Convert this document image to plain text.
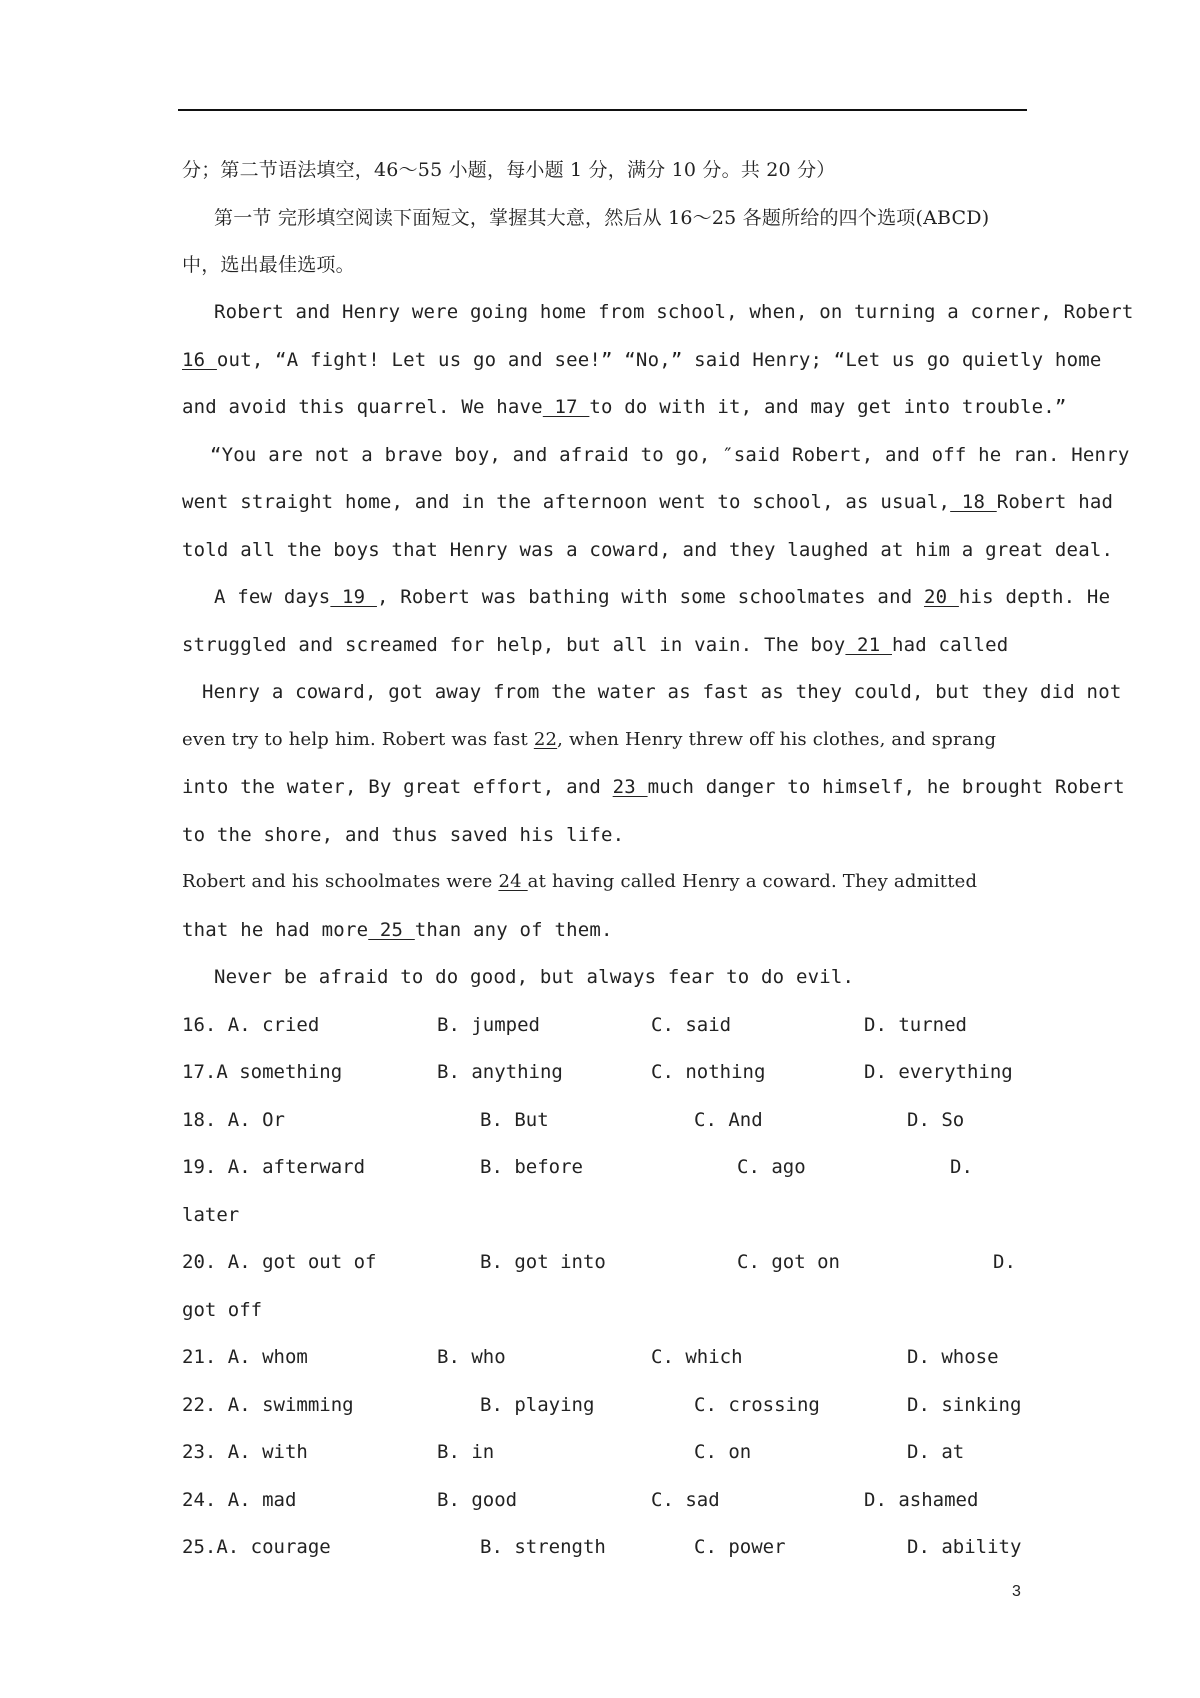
分；第二节语法填空，46～55 小题，每小题 1 分，满分 10 分。共 20 分）
第一节 完形填空阅读下面短文，掌握其大意，然后从 16～25 各题所给的四个选项(ABCD)
中，选出最佳选项。
Robert and Henry were going home from school, when, on turning a corner, Robert
16 out, “A fight! Let us go and see!” “No,” said Henry; “Let us go quietly home
and avoid this quarrel. We have 17 to do with it, and may get into trouble.”
“You are not a brave boy, and afraid to go, ″said Robert, and off he ran. Henry
went straight home, and in the afternoon went to school, as usual, 18 Robert had
told all the boys that Henry was a coward, and they laughed at him a great deal.
A few days 19 , Robert was bathing with some schoolmates and 20 his depth. He
struggled and screamed for help, but all in vain. The boy 21 had called
Henry a coward, got away from the water as fast as they could, but they did not
even try to help him. Robert was fast 22, when Henry threw off his clothes, and sprang
into the water, By great effort, and 23 much danger to himself, he brought Robert
to the shore, and thus saved his life.
Robert and his schoolmates were 24 at having called Henry a coward. They admitted
that he had more 25 than any of them.
Never be afraid to do good, but always fear to do evil.
16. A. cried	B. jumped	C. said	D. turned
17.A something	B. anything	C. nothing	D. everything
18. A. Or	B. But	C. And	D. So
19. A. afterward	B. before	C. ago	D.
later
20. A. got out of	B. got into	C. got on	D.
got off
21. A. whom	B. who	C. which	D. whose
22. A. swimming	B. playing	C. crossing	D. sinking
23. A. with	B. in	C. on	D. at
24. A. mad	B. good	C. sad	D. ashamed
25.A. courage	B. strength	C. power	D. ability
3
